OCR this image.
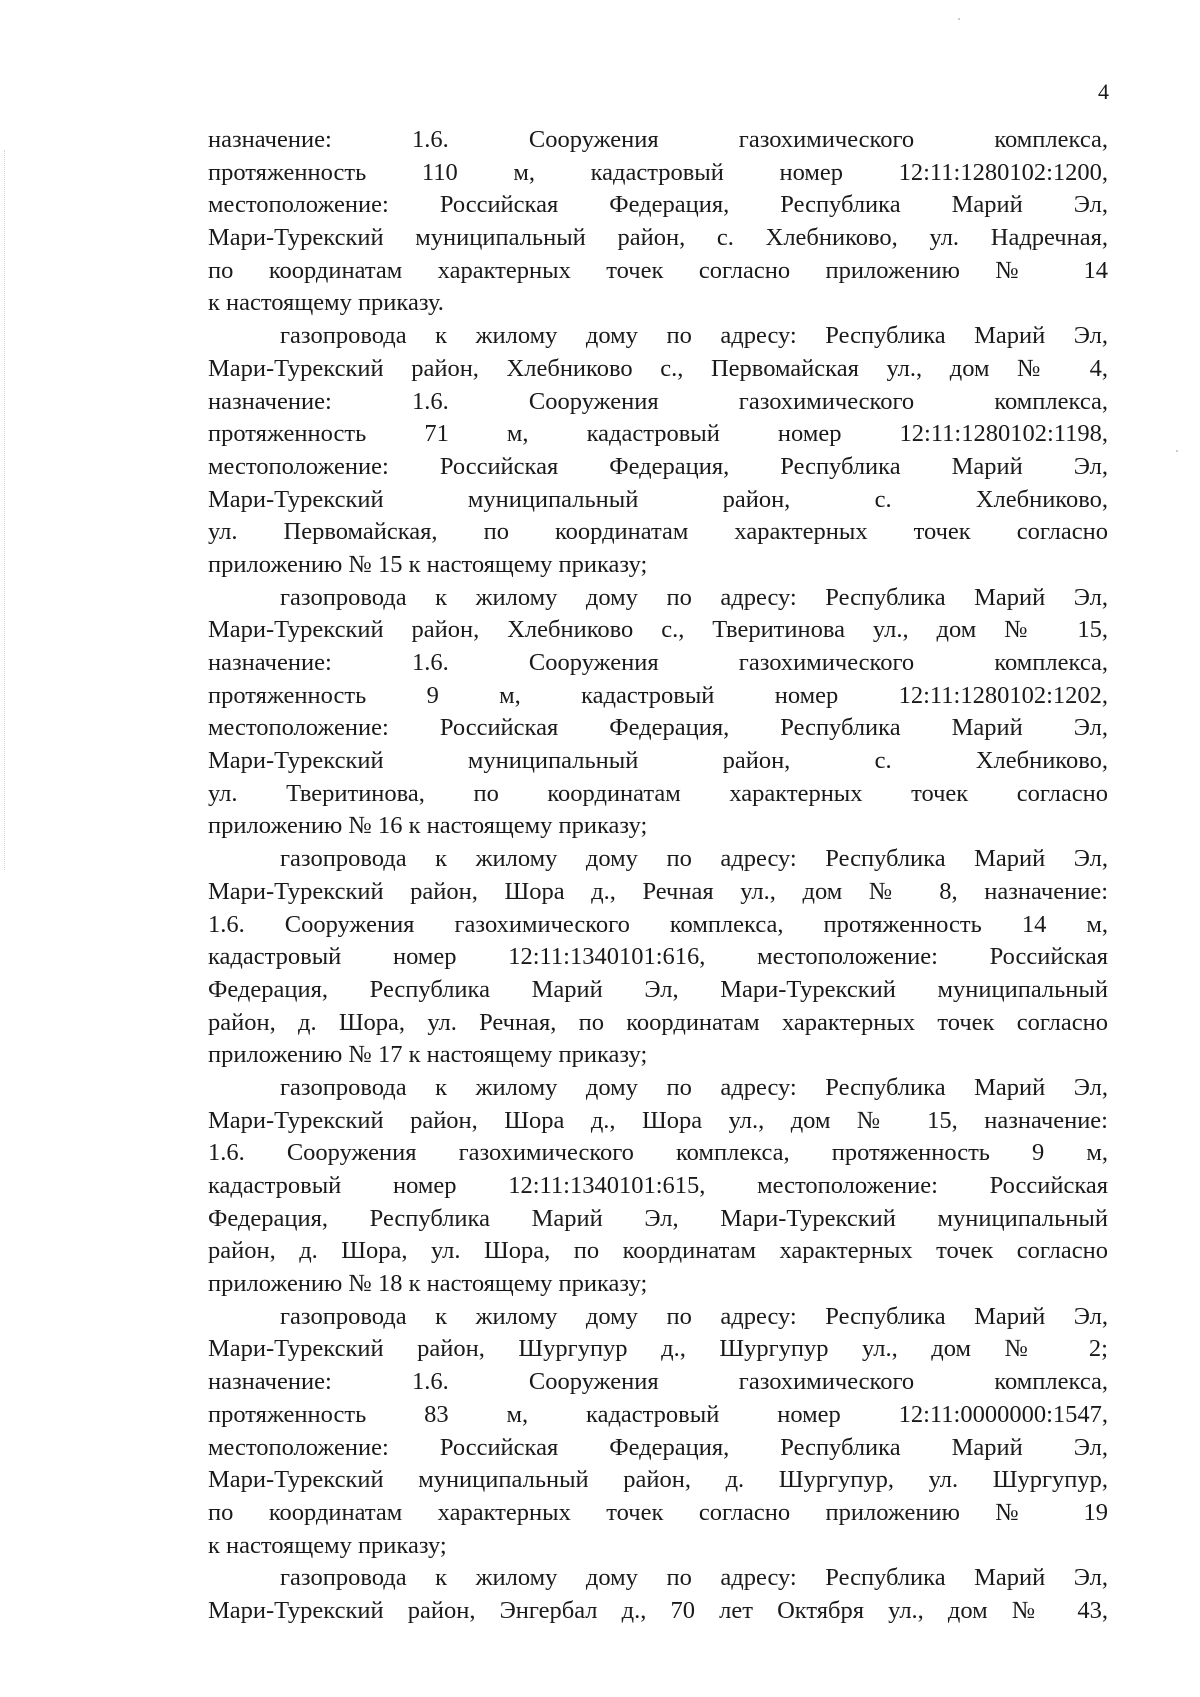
4
назначение: 1.6. Сооружения газохимического комплекса,
протяженность 110 м, кадастровый номер 12:11:1280102:1200,
местоположение: Российская Федерация, Республика Марий Эл,
Мари-Турекский муниципальный район, с. Хлебниково, ул. Надречная,
по координатам характерных точек согласно приложению № 14
к настоящему приказу.
газопровода к жилому дому по адресу: Республика Марий Эл,
Мари-Турекский район, Хлебниково с., Первомайская ул., дом № 4,
назначение: 1.6. Сооружения газохимического комплекса,
протяженность 71 м, кадастровый номер 12:11:1280102:1198,
местоположение: Российская Федерация, Республика Марий Эл,
Мари-Турекский муниципальный район, с. Хлебниково,
ул. Первомайская, по координатам характерных точек согласно
приложению № 15 к настоящему приказу;
газопровода к жилому дому по адресу: Республика Марий Эл,
Мари-Турекский район, Хлебниково с., Тверитинова ул., дом № 15,
назначение: 1.6. Сооружения газохимического комплекса,
протяженность 9 м, кадастровый номер 12:11:1280102:1202,
местоположение: Российская Федерация, Республика Марий Эл,
Мари-Турекский муниципальный район, с. Хлебниково,
ул. Тверитинова, по координатам характерных точек согласно
приложению № 16 к настоящему приказу;
газопровода к жилому дому по адресу: Республика Марий Эл,
Мари-Турекский район, Шора д., Речная ул., дом № 8, назначение:
1.6. Сооружения газохимического комплекса, протяженность 14 м,
кадастровый номер 12:11:1340101:616, местоположение: Российская
Федерация, Республика Марий Эл, Мари-Турекский муниципальный
район, д. Шора, ул. Речная, по координатам характерных точек согласно
приложению № 17 к настоящему приказу;
газопровода к жилому дому по адресу: Республика Марий Эл,
Мари-Турекский район, Шора д., Шора ул., дом № 15, назначение:
1.6. Сооружения газохимического комплекса, протяженность 9 м,
кадастровый номер 12:11:1340101:615, местоположение: Российская
Федерация, Республика Марий Эл, Мари-Турекский муниципальный
район, д. Шора, ул. Шора, по координатам характерных точек согласно
приложению № 18 к настоящему приказу;
газопровода к жилому дому по адресу: Республика Марий Эл,
Мари-Турекский район, Шургупур д., Шургупур ул., дом № 2;
назначение: 1.6. Сооружения газохимического комплекса,
протяженность 83 м, кадастровый номер 12:11:0000000:1547,
местоположение: Российская Федерация, Республика Марий Эл,
Мари-Турекский муниципальный район, д. Шургупур, ул. Шургупур,
по координатам характерных точек согласно приложению № 19
к настоящему приказу;
газопровода к жилому дому по адресу: Республика Марий Эл,
Мари-Турекский район, Энгербал д., 70 лет Октября ул., дом № 43,
